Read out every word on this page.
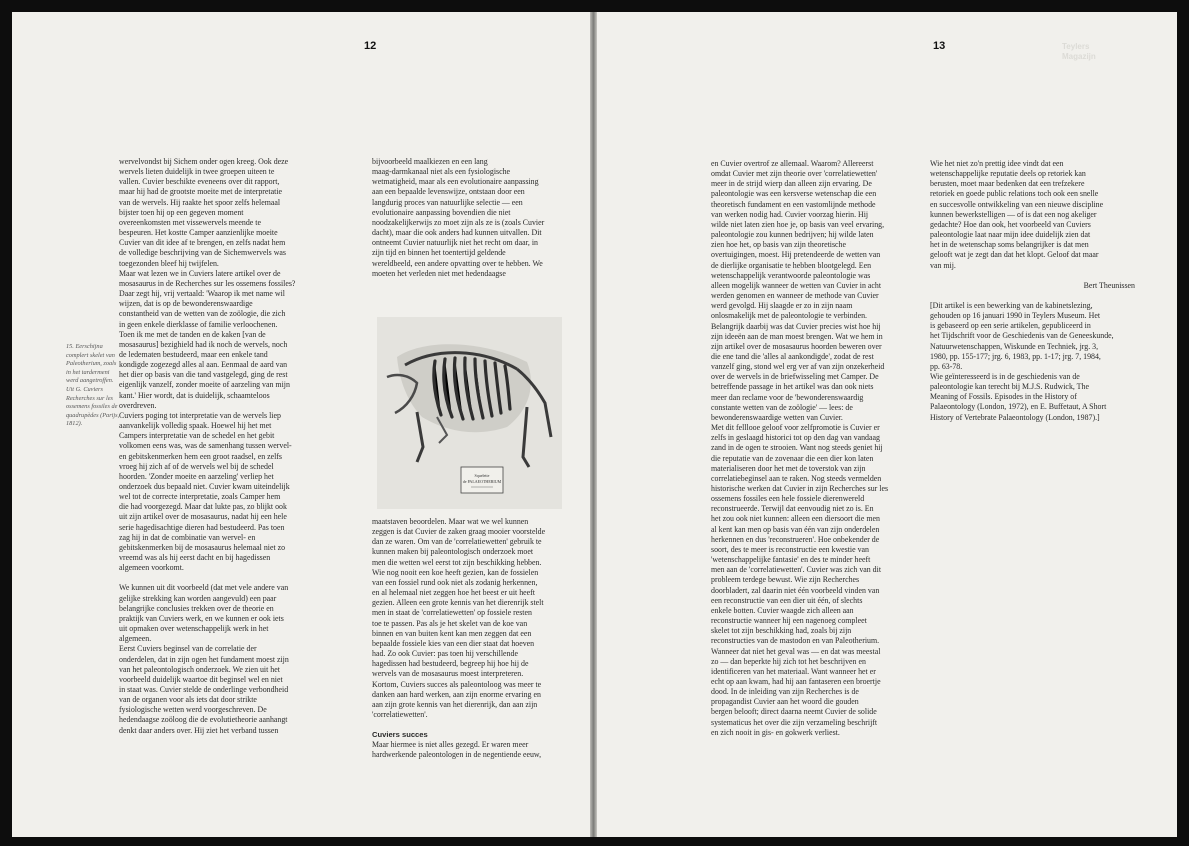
12	13	Teylers
Magazijn
15. Eerschijna complert skelet van Paleotherium, zoals in het tardermeni werd aangetroffen. Uit G. Cuviers Recherches sur les ossemens fossiles de quadrupèdes (Parijs, 1812).

wervelvondst bij Sichem onder ogen kreeg. Ook deze

wervels lieten duidelijk in twee groepen uiteen te

vallen. Cuvier beschikte eveneens over dit rapport,

maar hij had de grootste moeite met de interpretatie

van de wervels. Hij raakte het spoor zelfs helemaal

bijster toen hij op een gegeven moment

overeenkomsten met vissewervels meende te

bespeuren. Het kostte Camper aanzienlijke moeite

Cuvier van dit idee af te brengen, en zelfs nadat hem

de volledige beschrijving van de Sichemwervels was

toegezonden bleef hij twijfelen.

Maar wat lezen we in Cuviers latere artikel over de

mosasaurus in de Recherches sur les ossemens fossiles?

Daar zegt hij, vrij vertaald: 'Waarop ik met name wil

wijzen, dat is op de bewonderenswaardige

constantheid van de wetten van de zoölogie, die zich

in geen enkele dierklasse of familie verloochenen.

Toen ik me met de tanden en de kaken [van de

mosasaurus] bezighield had ik noch de wervels, noch

de ledematen bestudeerd, maar een enkele tand

kondigde zogezegd alles al aan. Eenmaal de aard van

het dier op basis van die tand vastgelegd, ging de rest

eigenlijk vanzelf, zonder moeite of aarzeling van mijn

kant.' Hier wordt, dat is duidelijk, schaamteloos

overdreven.

Cuviers poging tot interpretatie van de wervels liep

aanvankelijk volledig spaak. Hoewel hij het met

Campers interpretatie van de schedel en het gebit

volkomen eens was, was de samenhang tussen wervel-

en gebitskenmerken hem een groot raadsel, en zelfs

vroeg hij zich af of de wervels wel bij de schedel

hoorden. 'Zonder moeite en aarzeling' verliep het

onderzoek dus bepaald niet. Cuvier kwam uiteindelijk

wel tot de correcte interpretatie, zoals Camper hem

die had voorgezegd. Maar dat lukte pas, zo blijkt ook

uit zijn artikel over de mosasaurus, nadat hij een hele

serie hagedisachtige dieren had bestudeerd. Pas toen

zag hij in dat de combinatie van wervel- en

gebitskenmerken bij de mosasaurus helemaal niet zo

vreemd was als hij eerst dacht en bij hagedissen

algemeen voorkomt.

We kunnen uit dit voorbeeld (dat met vele andere van

gelijke strekking kan worden aangevuld) een paar

belangrijke conclusies trekken over de theorie en

praktijk van Cuviers werk, en we kunnen er ook iets

uit opmaken over wetenschappelijk werk in het

algemeen.

Eerst Cuviers beginsel van de correlatie der

onderdelen, dat in zijn ogen het fundament moest zijn

van het paleontologisch onderzoek. We zien uit het

voorbeeld duidelijk waartoe dit beginsel wel en niet

in staat was. Cuvier stelde de onderlinge verbondheid

van de organen voor als iets dat door strikte

fysiologische wetten werd voorgeschreven. De

hedendaagse zoöloog die de evolutietheorie aanhangt

denkt daar anders over. Hij ziet het verband tussen

bijvoorbeeld maalkiezen en een lang

maag-darmkanaal niet als een fysiologische

wetmatigheid, maar als een evolutionaire aanpassing

aan een bepaalde levenswijze, ontstaan door een

langdurig proces van natuurlijke selectie — een

evolutionaire aanpassing bovendien die niet

noodzakelijkerwijs zo moet zijn als ze is (zoals Cuvier

dacht), maar die ook anders had kunnen uitvallen. Dit

ontneemt Cuvier natuurlijk niet het recht om daar, in

zijn tijd en binnen het toentertijd geldende

wereldbeeld, een andere opvatting over te hebben. We

moeten het verleden niet met hedendaagse

Squelette
de PALAEOTHERIUM

maatstaven beoordelen. Maar wat we wel kunnen

zeggen is dat Cuvier de zaken graag mooier voorstelde

dan ze waren. Om van de 'correlatiewetten' gebruik te

kunnen maken bij paleontologisch onderzoek moet

men die wetten wel eerst tot zijn beschikking hebben.

Wie nog nooit een koe heeft gezien, kan de fossielen

van een fossiel rund ook niet als zodanig herkennen,

en al helemaal niet zeggen hoe het beest er uit heeft

gezien. Alleen een grote kennis van het dierenrijk stelt

men in staat de 'correlatiewetten' op fossiele resten

toe te passen. Pas als je het skelet van de koe van

binnen en van buiten kent kan men zeggen dat een

bepaalde fossiele kies van een dier staat dat hoeven

had. Zo ook Cuvier: pas toen hij verschillende

hagedissen had bestudeerd, begreep hij hoe hij de

wervels van de mosasaurus moest interpreteren.

Kortom, Cuviers succes als paleontoloog was meer te

danken aan hard werken, aan zijn enorme ervaring en

aan zijn grote kennis van het dierenrijk, dan aan zijn

'correlatiewetten'.

Cuviers succes

Maar hiermee is niet alles gezegd. Er waren meer

hardwerkende paleontologen in de negentiende eeuw,

en Cuvier overtrof ze allemaal. Waarom? Allereerst

omdat Cuvier met zijn theorie over 'correlatiewetten'

meer in de strijd wierp dan alleen zijn ervaring. De

paleontologie was een kersverse wetenschap die een

theoretisch fundament en een vastomlijnde methode

van werken nodig had. Cuvier voorzag hierin. Hij

wilde niet laten zien hoe je, op basis van veel ervaring,

paleontologie zou kunnen bedrijven; hij wilde laten

zien hoe het, op basis van zijn theoretische

overtuigingen, moest. Hij pretendeerde de wetten van

de dierlijke organisatie te hebben blootgelegd. Een

wetenschappelijk verantwoorde paleontologie was

alleen mogelijk wanneer de wetten van Cuvier in acht

werden genomen en wanneer de methode van Cuvier

werd gevolgd. Hij slaagde er zo in zijn naam

onlosmakelijk met de paleontologie te verbinden.

Belangrijk daarbij was dat Cuvier precies wist hoe hij

zijn ideeën aan de man moest brengen. Wat we hem in

zijn artikel over de mosasaurus hoorden beweren over

die ene tand die 'alles al aankondigde', zodat de rest

vanzelf ging, stond wel erg ver af van zijn onzekerheid

over de wervels in de briefwisseling met Camper. De

betreffende passage in het artikel was dan ook niets

meer dan reclame voor de 'bewonderenswaardig

constante wetten van de zoölogie' — lees: de

bewonderenswaardige wetten van Cuvier.

Met dit felllooe geloof voor zelfpromotie is Cuvier er

zelfs in geslaagd historici tot op den dag van vandaag

zand in de ogen te strooien. Want nog steeds geniet hij

die reputatie van de zovenaar die een dier kon laten

materialiseren door het met de toverstok van zijn

correlatiebeginsel aan te raken. Nog steeds vermelden

historische werken dat Cuvier in zijn Recherches sur les

ossemens fossiles een hele fossiele dierenwereld

reconstrueerde. Terwijl dat eenvoudig niet zo is. En

het zou ook niet kunnen: alleen een diersoort die men

al kent kan men op basis van één van zijn onderdelen

herkennen en dus 'reconstrueren'. Hoe onbekender de

soort, des te meer is reconstructie een kwestie van

'wetenschappelijke fantasie' en des te minder heeft

men aan de 'correlatiewetten'. Cuvier was zich van dit

probleem terdege bewust. Wie zijn Recherches

doorbladert, zal daarin niet één voorbeeld vinden van

een reconstructie van een dier uit één, of slechts

enkele botten. Cuvier waagde zich alleen aan

reconstructie wanneer hij een nagenoeg compleet

skelet tot zijn beschikking had, zoals bij zijn

reconstructies van de mastodon en van Paleotherium.

Wanneer dat niet het geval was — en dat was meestal

zo — dan beperkte hij zich tot het beschrijven en

identificeren van het materiaal. Want wanneer het er

echt op aan kwam, had hij aan fantaseren een broertje

dood. In de inleiding van zijn Recherches is de

propagandist Cuvier aan het woord die gouden

bergen belooft; direct daarna neemt Cuvier de solide

systematicus het over die zijn verzameling beschrijft

en zich nooit in gis- en gokwerk verliest.

Wie het niet zo'n prettig idee vindt dat een

wetenschappelijke reputatie deels op retoriek kan

berusten, moet maar bedenken dat een trefzekere

retoriek en goede public relations toch ook een snelle

en succesvolle ontwikkeling van een nieuwe discipline

kunnen bewerkstelligen — of is dat een nog akeliger

gedachte? Hoe dan ook, het voorbeeld van Cuviers

paleontologie laat naar mijn idee duidelijk zien dat

het in de wetenschap soms belangrijker is dat men

gelooft wat je zegt dan dat het klopt. Geloof dat maar

van mij.

Bert Theunissen

[Dit artikel is een bewerking van de kabinetslezing,

gehouden op 16 januari 1990 in Teylers Museum. Het

is gebaseerd op een serie artikelen, gepubliceerd in

het Tijdschrift voor de Geschiedenis van de Geneeskunde,

Natuurwetenschappen, Wiskunde en Techniek, jrg. 3,

1980, pp. 155-177; jrg. 6, 1983, pp. 1-17; jrg. 7, 1984,

pp. 63-78.

Wie geïnteresseerd is in de geschiedenis van de

paleontologie kan terecht bij M.J.S. Rudwick, The

Meaning of Fossils. Episodes in the History of

Palaeontology (London, 1972), en E. Buffetaut, A Short

History of Vertebrate Palaeontology (London, 1987).]
